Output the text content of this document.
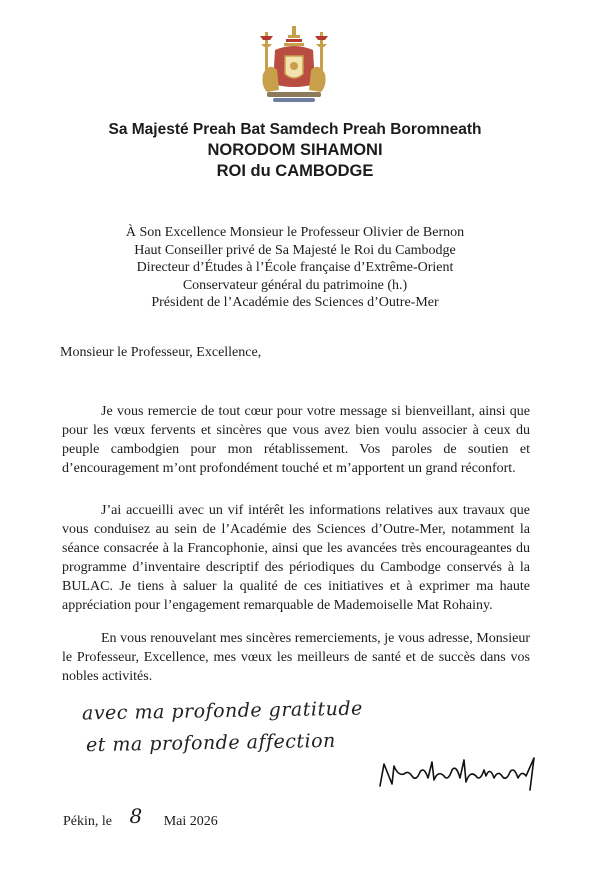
Sa Majesté Preah Bat Samdech Preah Boromneath
NORODOM SIHAMONI
ROI du CAMBODGE
À Son Excellence Monsieur le Professeur Olivier de Bernon
Haut Conseiller privé de Sa Majesté le Roi du Cambodge
Directeur d’Études à l’École française d’Extrême-Orient
Conservateur général du patrimoine (h.)
Président de l’Académie des Sciences d’Outre-Mer
Monsieur le Professeur, Excellence,

Je vous remercie de tout cœur pour votre message si bienveillant, ainsi que pour les vœux fervents et sincères que vous avez bien voulu associer à ceux du peuple cambodgien pour mon rétablissement. Vos paroles de soutien et d’encouragement m’ont profondément touché et m’apportent un grand réconfort.

J’ai accueilli avec un vif intérêt les informations relatives aux travaux que vous conduisez au sein de l’Académie des Sciences d’Outre-Mer, notamment la séance consacrée à la Francophonie, ainsi que les avancées très encourageantes du programme d’inventaire descriptif des périodiques du Cambodge conservés à la BULAC. Je tiens à saluer la qualité de ces initiatives et à exprimer ma haute appréciation pour l’engagement remarquable de Mademoiselle Mat Rohainy.

En vous renouvelant mes sincères remerciements, je vous adresse, Monsieur le Professeur, Excellence, mes vœux les meilleurs de santé et de succès dans vos nobles activités.

avec ma profonde gratitude
et ma profonde affection
Pékin, le 8 Mai 2026
